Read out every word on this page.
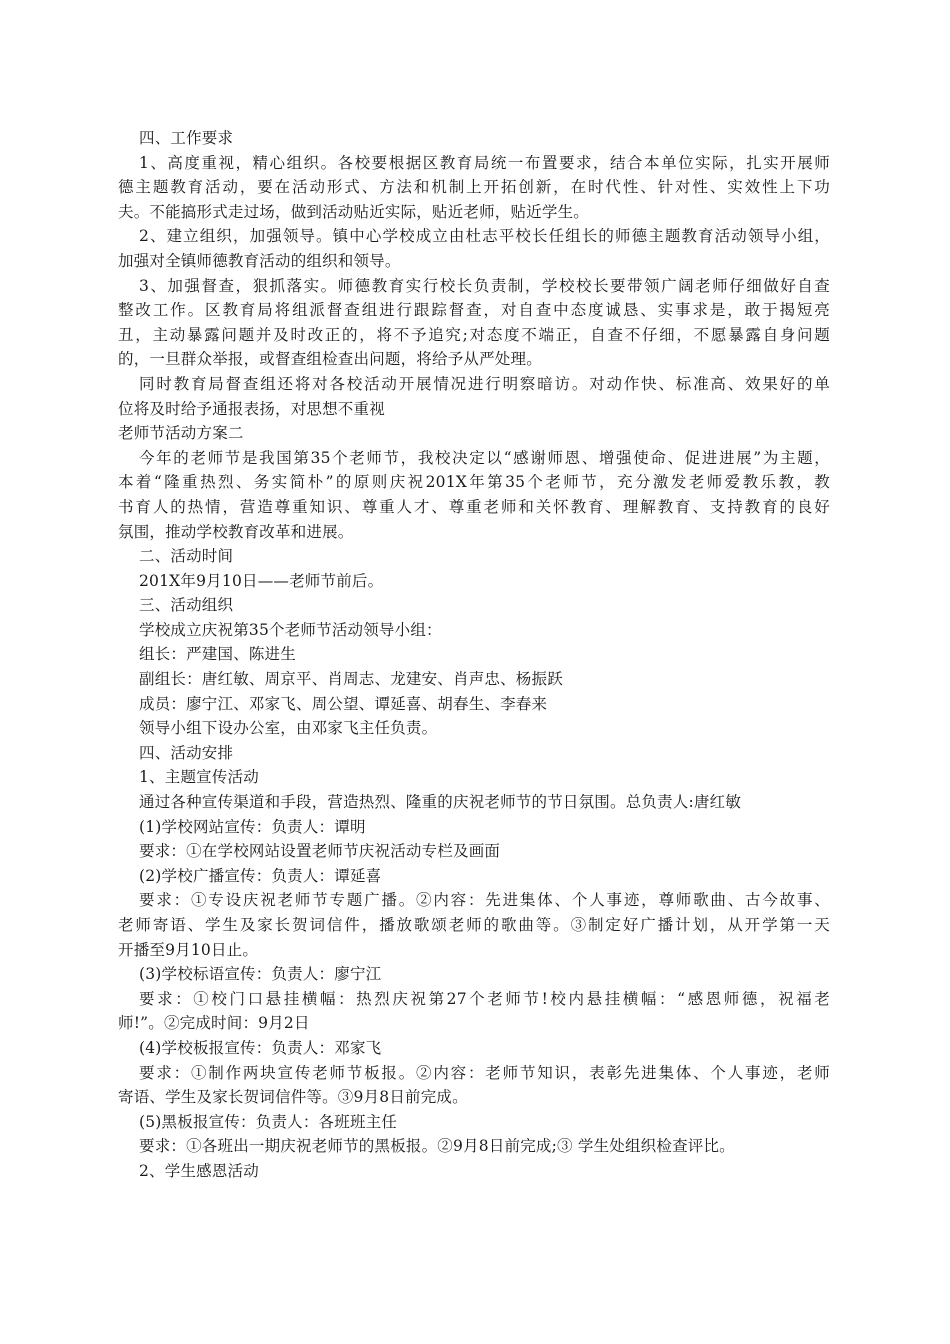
四、工作要求
1、高度重视，精心组织。各校要根据区教育局统一布置要求，结合本单位实际，扎实开展师
德主题教育活动，要在活动形式、方法和机制上开拓创新，在时代性、针对性、实效性上下功
夫。不能搞形式走过场，做到活动贴近实际，贴近老师，贴近学生。
2、建立组织，加强领导。镇中心学校成立由杜志平校长任组长的师德主题教育活动领导小组，
加强对全镇师德教育活动的组织和领导。
3、加强督查，狠抓落实。师德教育实行校长负责制，学校校长要带领广阔老师仔细做好自查
整改工作。区教育局将组派督查组进行跟踪督查，对自查中态度诚恳、实事求是，敢于揭短亮
丑，主动暴露问题并及时改正的，将不予追究;对态度不端正，自查不仔细，不愿暴露自身问题
的，一旦群众举报，或督查组检查出问题，将给予从严处理。
同时教育局督查组还将对各校活动开展情况进行明察暗访。对动作快、标准高、效果好的单
位将及时给予通报表扬，对思想不重视
老师节活动方案二
今年的老师节是我国第35个老师节，我校决定以“感谢师恩、增强使命、促进进展”为主题，
本着“隆重热烈、务实简朴”的原则庆祝201X年第35个老师节，充分激发老师爱教乐教，教
书育人的热情，营造尊重知识、尊重人才、尊重老师和关怀教育、理解教育、支持教育的良好
氛围，推动学校教育改革和进展。
二、活动时间
201X年9月10日——老师节前后。
三、活动组织
学校成立庆祝第35个老师节活动领导小组：
组长：严建国、陈进生
副组长：唐红敏、周京平、肖周志、龙建安、肖声忠、杨振跃
成员：廖宁江、邓家飞、周公望、谭延喜、胡春生、李春来
领导小组下设办公室，由邓家飞主任负责。
四、活动安排
1、主题宣传活动
通过各种宣传渠道和手段，营造热烈、隆重的庆祝老师节的节日氛围。总负责人:唐红敏
(1)学校网站宣传：负责人：谭明
要求：①在学校网站设置老师节庆祝活动专栏及画面
(2)学校广播宣传：负责人：谭延喜
要求：①专设庆祝老师节专题广播。②内容：先进集体、个人事迹，尊师歌曲、古今故事、
老师寄语、学生及家长贺词信件，播放歌颂老师的歌曲等。③制定好广播计划，从开学第一天
开播至9月10日止。
(3)学校标语宣传：负责人：廖宁江
要求：①校门口悬挂横幅：热烈庆祝第27个老师节!校内悬挂横幅：“感恩师德，祝福老
师!”。②完成时间：9月2日
(4)学校板报宣传：负责人：邓家飞
要求：①制作两块宣传老师节板报。②内容：老师节知识，表彰先进集体、个人事迹，老师
寄语、学生及家长贺词信件等。③9月8日前完成。
(5)黑板报宣传：负责人：各班班主任
要求：①各班出一期庆祝老师节的黑板报。②9月8日前完成;③ 学生处组织检查评比。
2、学生感恩活动
